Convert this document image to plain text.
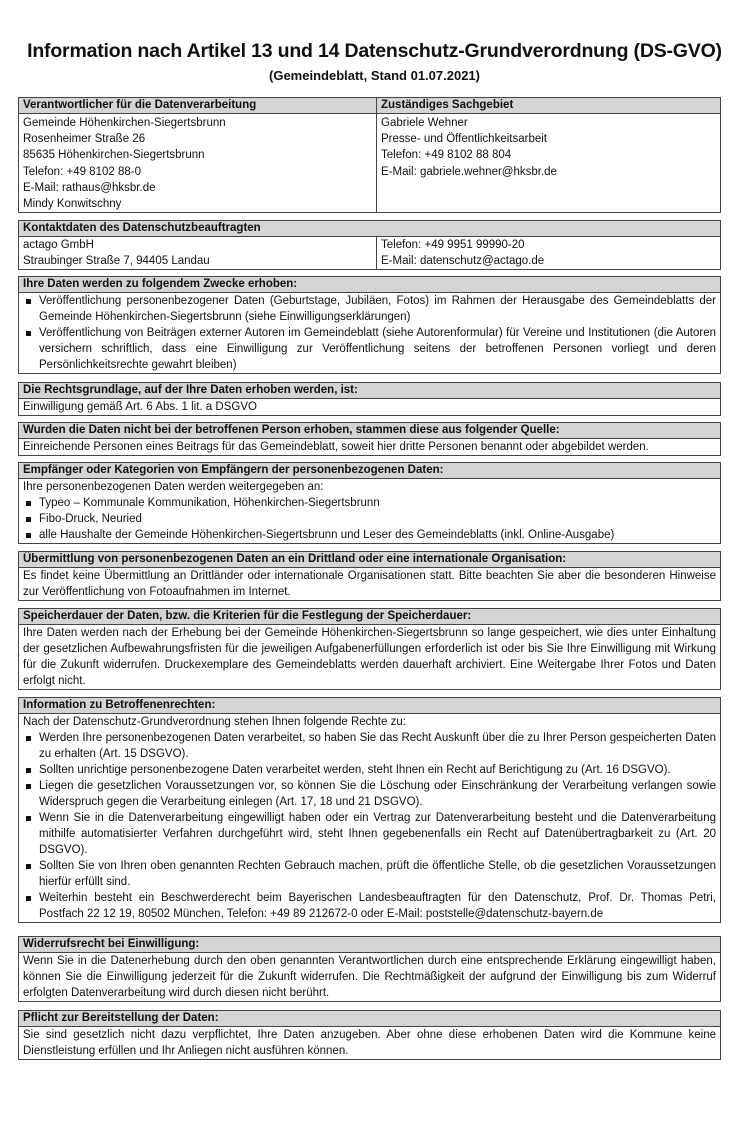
Information nach Artikel 13 und 14 Datenschutz-Grundverordnung (DS-GVO)
(Gemeindeblatt, Stand 01.07.2021)
Verantwortlicher für die Datenverarbeitung
Gemeinde Höhenkirchen-Siegertsbrunn
Rosenheimer Straße 26
85635 Höhenkirchen-Siegertsbrunn
Telefon: +49 8102 88-0
E-Mail: rathaus@hksbr.de
Mindy Konwitschny
Zuständiges Sachgebiet
Gabriele Wehner
Presse- und Öffentlichkeitsarbeit
Telefon: +49 8102 88 804
E-Mail: gabriele.wehner@hksbr.de
Kontaktdaten des Datenschutzbeauftragten
actago GmbH
Straubinger Straße 7, 94405 Landau
Telefon: +49 9951 99990-20
E-Mail: datenschutz@actago.de
Ihre Daten werden zu folgendem Zwecke erhoben:
Veröffentlichung personenbezogener Daten (Geburtstage, Jubiläen, Fotos) im Rahmen der Herausgabe des Gemeindeblatts der Gemeinde Höhenkirchen-Siegertsbrunn (siehe Einwilligungserklärungen)
Veröffentlichung von Beiträgen externer Autoren im Gemeindeblatt (siehe Autorenformular) für Vereine und Institutionen (die Autoren versichern schriftlich, dass eine Einwilligung zur Veröffentlichung seitens der betroffenen Personen vorliegt und deren Persönlichkeitsrechte gewahrt bleiben)
Die Rechtsgrundlage, auf der Ihre Daten erhoben werden, ist:
Einwilligung gemäß Art. 6 Abs. 1 lit. a DSGVO
Wurden die Daten nicht bei der betroffenen Person erhoben, stammen diese aus folgender Quelle:
Einreichende Personen eines Beitrags für das Gemeindeblatt, soweit hier dritte Personen benannt oder abgebildet werden.
Empfänger oder Kategorien von Empfängern der personenbezogenen Daten:
Ihre personenbezogenen Daten werden weitergegeben an:
Typeo – Kommunale Kommunikation, Höhenkirchen-Siegertsbrunn
Fibo-Druck, Neuried
alle Haushalte der Gemeinde Höhenkirchen-Siegertsbrunn und Leser des Gemeindeblatts (inkl. Online-Ausgabe)
Übermittlung von personenbezogenen Daten an ein Drittland oder eine internationale Organisation:
Es findet keine Übermittlung an Drittländer oder internationale Organisationen statt. Bitte beachten Sie aber die besonderen Hinweise zur Veröffentlichung von Fotoaufnahmen im Internet.
Speicherdauer der Daten, bzw. die Kriterien für die Festlegung der Speicherdauer:
Ihre Daten werden nach der Erhebung bei der Gemeinde Höhenkirchen-Siegertsbrunn so lange gespeichert, wie dies unter Einhaltung der gesetzlichen Aufbewahrungsfristen für die jeweiligen Aufgabenerfüllungen erforderlich ist oder bis Sie Ihre Einwilligung mit Wirkung für die Zukunft widerrufen. Druckexemplare des Gemeindeblatts werden dauerhaft archiviert. Eine Weitergabe Ihrer Fotos und Daten erfolgt nicht.
Information zu Betroffenenrechten:
Nach der Datenschutz-Grundverordnung stehen Ihnen folgende Rechte zu:
Werden Ihre personenbezogenen Daten verarbeitet, so haben Sie das Recht Auskunft über die zu Ihrer Person gespeicherten Daten zu erhalten (Art. 15 DSGVO).
Sollten unrichtige personenbezogene Daten verarbeitet werden, steht Ihnen ein Recht auf Berichtigung zu (Art. 16 DSGVO).
Liegen die gesetzlichen Voraussetzungen vor, so können Sie die Löschung oder Einschränkung der Verarbeitung verlangen sowie Widerspruch gegen die Verarbeitung einlegen (Art. 17, 18 und 21 DSGVO).
Wenn Sie in die Datenverarbeitung eingewilligt haben oder ein Vertrag zur Datenverarbeitung besteht und die Datenverarbeitung mithilfe automatisierter Verfahren durchgeführt wird, steht Ihnen gegebenenfalls ein Recht auf Datenübertragbarkeit zu (Art. 20 DSGVO).
Sollten Sie von Ihren oben genannten Rechten Gebrauch machen, prüft die öffentliche Stelle, ob die gesetzlichen Voraussetzungen hierfür erfüllt sind.
Weiterhin besteht ein Beschwerderecht beim Bayerischen Landesbeauftragten für den Datenschutz, Prof. Dr. Thomas Petri, Postfach 22 12 19, 80502 München, Telefon: +49 89 212672-0 oder E-Mail: poststelle@datenschutz-bayern.de
Widerrufsrecht bei Einwilligung:
Wenn Sie in die Datenerhebung durch den oben genannten Verantwortlichen durch eine entsprechende Erklärung eingewilligt haben, können Sie die Einwilligung jederzeit für die Zukunft widerrufen. Die Rechtmäßigkeit der aufgrund der Einwilligung bis zum Widerruf erfolgten Datenverarbeitung wird durch diesen nicht berührt.
Pflicht zur Bereitstellung der Daten:
Sie sind gesetzlich nicht dazu verpflichtet, Ihre Daten anzugeben. Aber ohne diese erhobenen Daten wird die Kommune keine Dienstleistung erfüllen und Ihr Anliegen nicht ausführen können.
